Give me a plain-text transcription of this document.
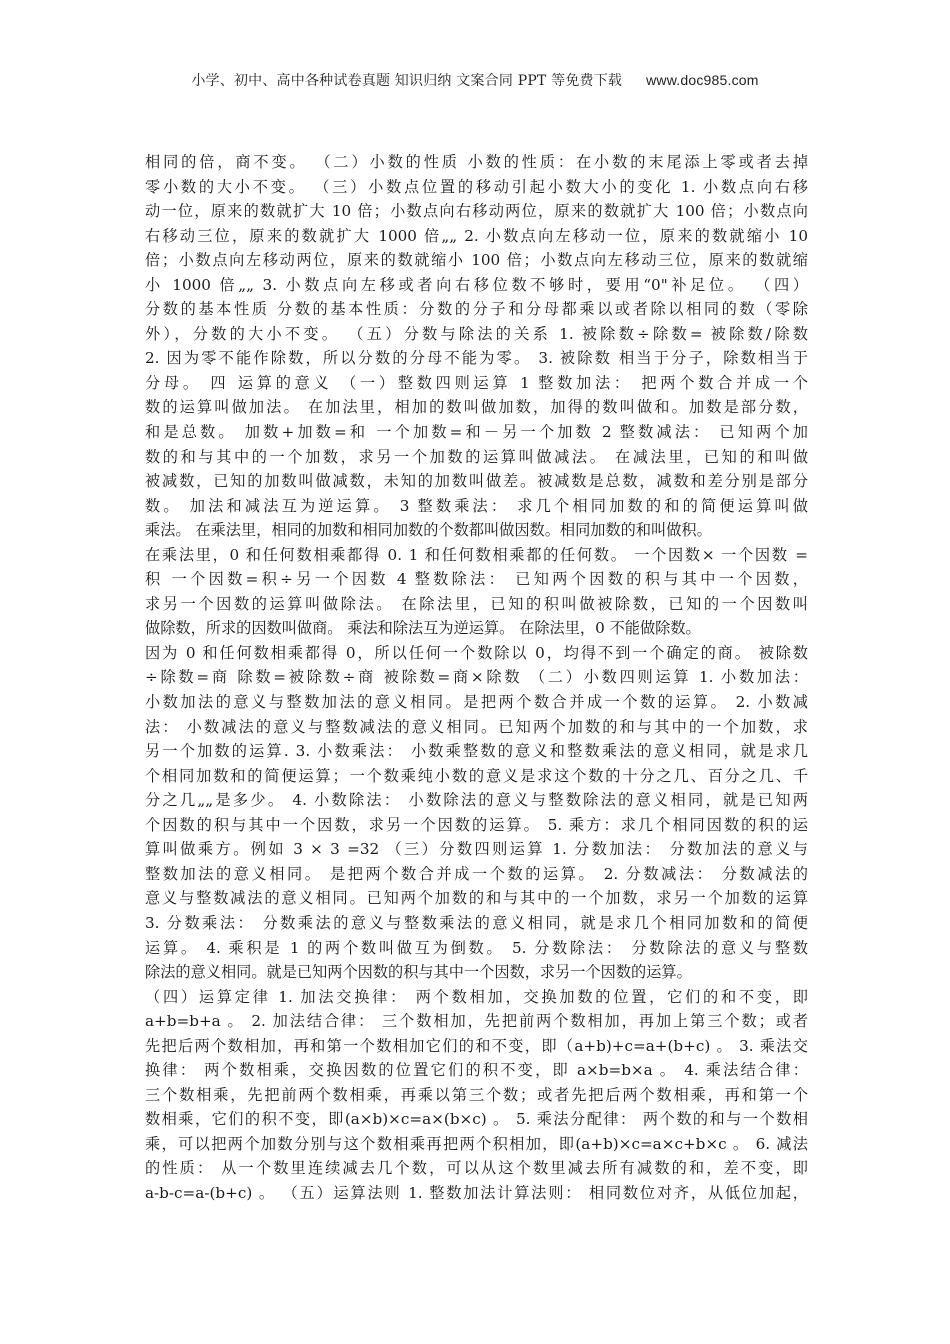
小学、初中、高中各种试卷真题 知识归纳 文案合同 PPT 等免费下载 www.doc985.com
相同的倍，商不变。 （二）小数的性质 小数的性质：在小数的末尾添上零或者去掉
零小数的大小不变。 （三）小数点位置的移动引起小数大小的变化 1. 小数点向右移
动一位，原来的数就扩大 10 倍；小数点向右移动两位，原来的数就扩大 100 倍；小数点向
右移动三位，原来的数就扩大 1000 倍„„ 2. 小数点向左移动一位，原来的数就缩小 10
倍；小数点向左移动两位，原来的数就缩小 100 倍；小数点向左移动三位，原来的数就缩
小 1000 倍„„ 3. 小数点向左移或者向右移位数不够时，要用“0"补足位。 （四）
分数的基本性质 分数的基本性质：分数的分子和分母都乘以或者除以相同的数（零除
外），分数的大小不变。 （五）分数与除法的关系 1. 被除数÷除数= 被除数/除数
2. 因为零不能作除数，所以分数的分母不能为零。 3. 被除数 相当于分子，除数相当于
分母。 四 运算的意义 （一）整数四则运算 1 整数加法： 把两个数合并成一个
数的运算叫做加法。 在加法里，相加的数叫做加数，加得的数叫做和。加数是部分数，
和是总数。 加数+加数=和 一个加数=和－另一个加数 2 整数减法： 已知两个加
数的和与其中的一个加数，求另一个加数的运算叫做减法。 在减法里，已知的和叫做
被减数，已知的加数叫做减数，未知的加数叫做差。被减数是总数，减数和差分别是部分
数。 加法和减法互为逆运算。 3 整数乘法： 求几个相同加数的和的简便运算叫做
乘法。 在乘法里，相同的加数和相同加数的个数都叫做因数。相同加数的和叫做积。
在乘法里，0 和任何数相乘都得 0. 1 和任何数相乘都的任何数。 一个因数× 一个因数 =
积 一个因数=积÷另一个因数 4 整数除法： 已知两个因数的积与其中一个因数，
求另一个因数的运算叫做除法。 在除法里，已知的积叫做被除数，已知的一个因数叫
做除数，所求的因数叫做商。 乘法和除法互为逆运算。 在除法里，0 不能做除数。
因为 0 和任何数相乘都得 0，所以任何一个数除以 0，均得不到一个确定的商。 被除数
÷除数=商 除数=被除数÷商 被除数=商×除数 （二）小数四则运算 1. 小数加法：
小数加法的意义与整数加法的意义相同。是把两个数合并成一个数的运算。 2. 小数减
法： 小数减法的意义与整数减法的意义相同。已知两个加数的和与其中的一个加数，求
另一个加数的运算. 3. 小数乘法： 小数乘整数的意义和整数乘法的意义相同，就是求几
个相同加数和的简便运算；一个数乘纯小数的意义是求这个数的十分之几、百分之几、千
分之几„„是多少。 4. 小数除法： 小数除法的意义与整数除法的意义相同，就是已知两
个因数的积与其中一个因数，求另一个因数的运算。 5. 乘方：求几个相同因数的积的运
算叫做乘方。例如 3 × 3 =32 （三）分数四则运算 1. 分数加法： 分数加法的意义与
整数加法的意义相同。 是把两个数合并成一个数的运算。 2. 分数减法： 分数减法的
意义与整数减法的意义相同。已知两个加数的和与其中的一个加数，求另一个加数的运算
3. 分数乘法： 分数乘法的意义与整数乘法的意义相同，就是求几个相同加数和的简便
运算。 4. 乘积是 1 的两个数叫做互为倒数。 5. 分数除法： 分数除法的意义与整数
除法的意义相同。就是已知两个因数的积与其中一个因数，求另一个因数的运算。
（四）运算定律 1. 加法交换律： 两个数相加，交换加数的位置，它们的和不变，即
a+b=b+a 。 2. 加法结合律： 三个数相加，先把前两个数相加，再加上第三个数；或者
先把后两个数相加，再和第一个数相加它们的和不变，即（a+b)+c=a+(b+c) 。 3. 乘法交
换律： 两个数相乘，交换因数的位置它们的积不变，即 a×b=b×a 。 4. 乘法结合律：
三个数相乘，先把前两个数相乘，再乘以第三个数；或者先把后两个数相乘，再和第一个
数相乘，它们的积不变，即(a×b)×c=a×(b×c) 。 5. 乘法分配律： 两个数的和与一个数相
乘，可以把两个加数分别与这个数相乘再把两个积相加，即(a+b)×c=a×c+b×c 。 6. 减法
的性质： 从一个数里连续减去几个数，可以从这个数里减去所有减数的和，差不变，即
a-b-c=a-(b+c) 。 （五）运算法则 1. 整数加法计算法则： 相同数位对齐，从低位加起，
